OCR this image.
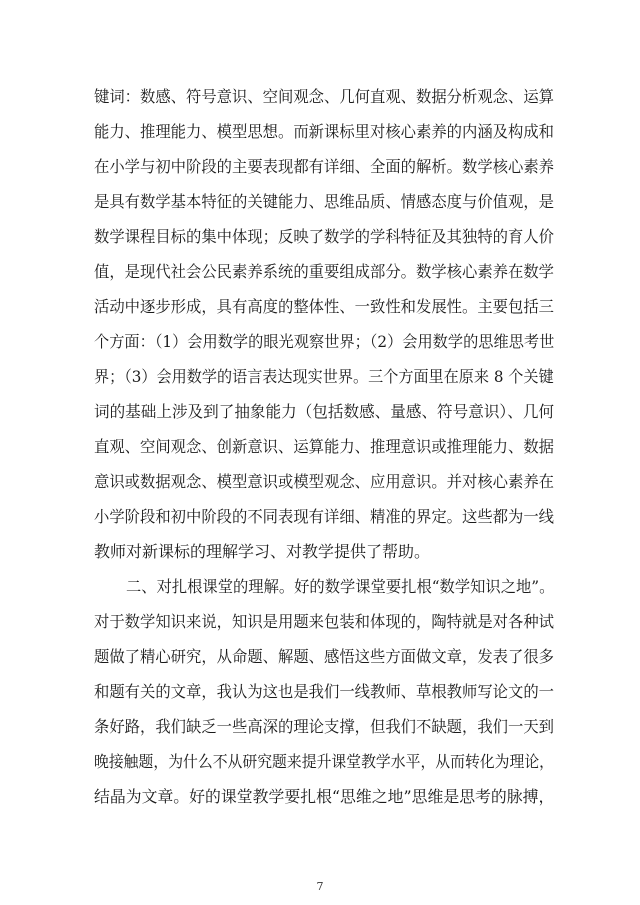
键词：数感、符号意识、空间观念、几何直观、数据分析观念、运算
能力、推理能力、模型思想。而新课标里对核心素养的内涵及构成和
在小学与初中阶段的主要表现都有详细、全面的解析。数学核心素养
是具有数学基本特征的关键能力、思维品质、情感态度与价值观，是
数学课程目标的集中体现；反映了数学的学科特征及其独特的育人价
值，是现代社会公民素养系统的重要组成部分。数学核心素养在数学
活动中逐步形成，具有高度的整体性、一致性和发展性。主要包括三
个方面：（1）会用数学的眼光观察世界；（2）会用数学的思维思考世
界；（3）会用数学的语言表达现实世界。三个方面里在原来 8 个关键
词的基础上涉及到了抽象能力（包括数感、量感、符号意识）、几何
直观、空间观念、创新意识、运算能力、推理意识或推理能力、数据
意识或数据观念、模型意识或模型观念、应用意识。并对核心素养在
小学阶段和初中阶段的不同表现有详细、精准的界定。这些都为一线
教师对新课标的理解学习、对教学提供了帮助。
二、对扎根课堂的理解。好的数学课堂要扎根“数学知识之地”。
对于数学知识来说，知识是用题来包装和体现的，陶特就是对各种试
题做了精心研究，从命题、解题、感悟这些方面做文章，发表了很多
和题有关的文章，我认为这也是我们一线教师、草根教师写论文的一
条好路，我们缺乏一些高深的理论支撑，但我们不缺题，我们一天到
晚接触题，为什么不从研究题来提升课堂教学水平，从而转化为理论，
结晶为文章。好的课堂教学要扎根“思维之地”思维是思考的脉搏，
7
